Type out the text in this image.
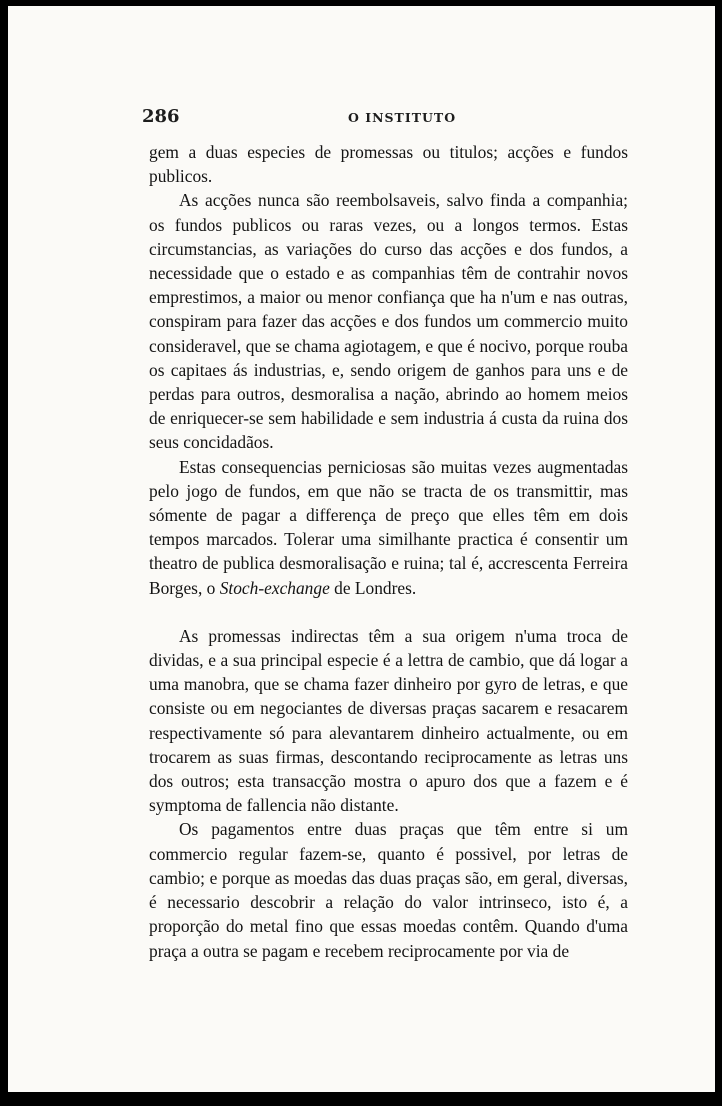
286	O INSTITUTO

gem a duas especies de promessas ou titulos; acções e fundos publicos.

As acções nunca são reembolsaveis, salvo finda a companhia; os fundos publicos ou raras vezes, ou a longos termos. Estas circumstancias, as variações do curso das acções e dos fundos, a necessidade que o estado e as companhias têm de contrahir novos emprestimos, a maior ou menor confiança que ha n'um e nas outras, conspiram para fazer das acções e dos fundos um commercio muito consideravel, que se chama agiotagem, e que é nocivo, porque rouba os capitaes ás industrias, e, sendo origem de ganhos para uns e de perdas para outros, desmoralisa a nação, abrindo ao homem meios de enriquecer-se sem habilidade e sem industria á custa da ruina dos seus concidadãos.

Estas consequencias perniciosas são muitas vezes augmentadas pelo jogo de fundos, em que não se tracta de os transmittir, mas sómente de pagar a differença de preço que elles têm em dois tempos marcados. Tolerar uma similhante practica é consentir um theatro de publica desmoralisação e ruina; tal é, accrescenta Ferreira Borges, o Stoch-exchange de Londres.

As promessas indirectas têm a sua origem n'uma troca de dividas, e a sua principal especie é a lettra de cambio, que dá logar a uma manobra, que se chama fazer dinheiro por gyro de letras, e que consiste ou em negociantes de diversas praças sacarem e resacarem respectivamente só para alevantarem dinheiro actualmente, ou em trocarem as suas firmas, descontando reciprocamente as letras uns dos outros; esta transacção mostra o apuro dos que a fazem e é symptoma de fallencia não distante.

Os pagamentos entre duas praças que têm entre si um commercio regular fazem-se, quanto é possivel, por letras de cambio; e porque as moedas das duas praças são, em geral, diversas, é necessario descobrir a relação do valor intrinseco, isto é, a proporção do metal fino que essas moedas contêm. Quando d'uma praça a outra se pagam e recebem reciprocamente por via de
